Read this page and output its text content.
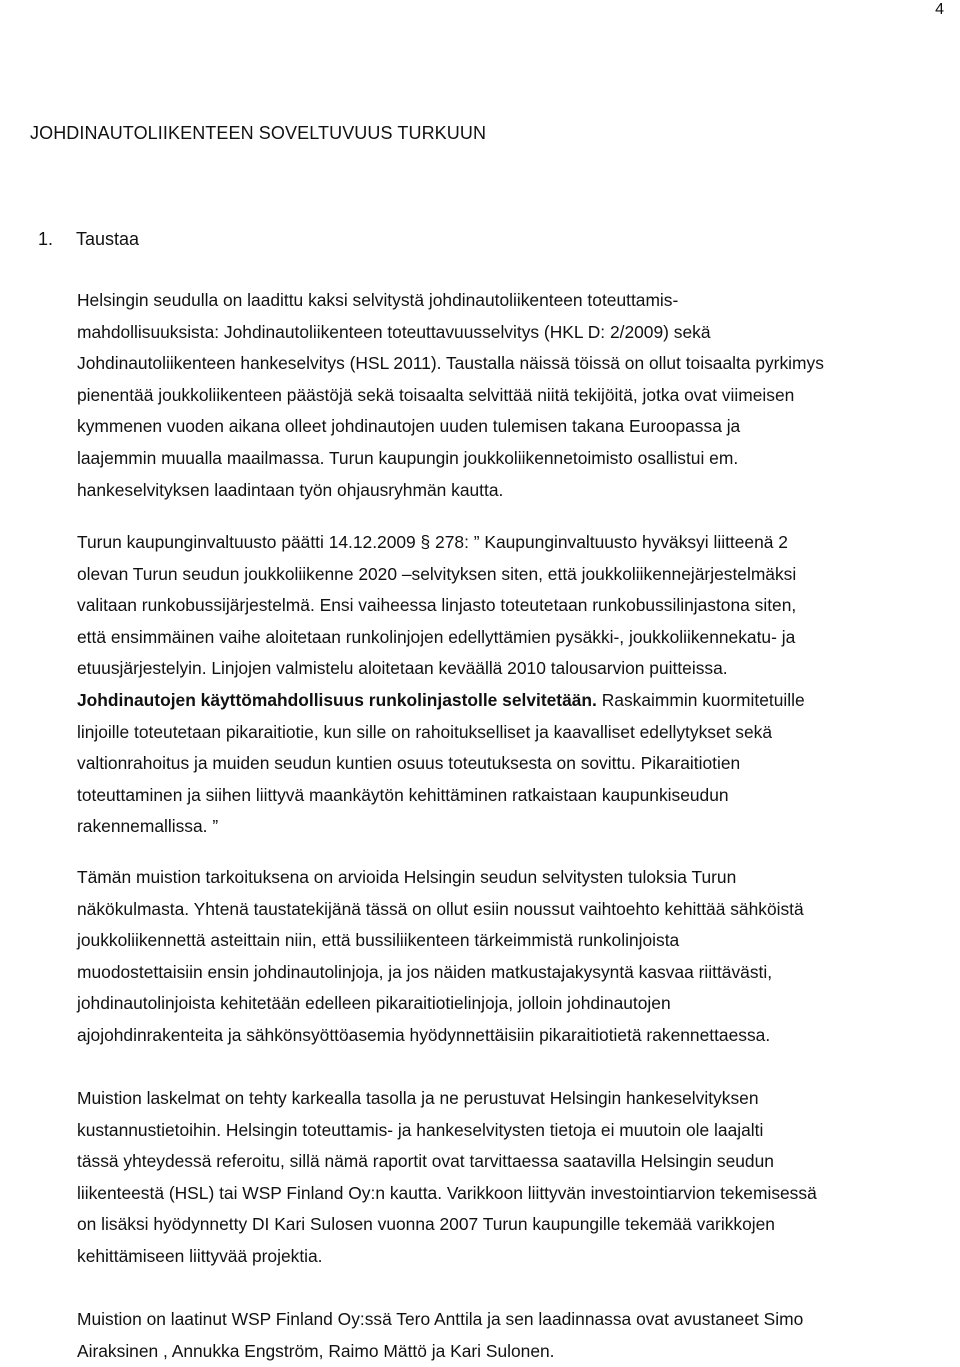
4
JOHDINAUTOLIIKENTEEN SOVELTUVUUS TURKUUN
1. Taustaa

Helsingin seudulla on laadittu kaksi selvitystä johdinautoliikenteen toteuttamis-
mahdollisuuksista: Johdinautoliikenteen toteuttavuusselvitys (HKL D: 2/2009) sekä
Johdinautoliikenteen hankeselvitys (HSL 2011). Taustalla näissä töissä on ollut toisaalta pyrkimys
pienentää joukkoliikenteen päästöjä sekä toisaalta selvittää niitä tekijöitä, jotka ovat viimeisen
kymmenen vuoden aikana olleet johdinautojen uuden tulemisen takana Euroopassa ja
laajemmin muualla maailmassa. Turun kaupungin joukkoliikennetoimisto osallistui em.
hankeselvityksen laadintaan työn ohjausryhmän kautta.

Turun kaupunginvaltuusto päätti 14.12.2009 § 278: ” Kaupunginvaltuusto hyväksyi liitteenä 2
olevan Turun seudun joukkoliikenne 2020 –selvityksen siten, että joukkoliikennejärjestelmäksi
valitaan runkobussijärjestelmä. Ensi vaiheessa linjasto toteutetaan runkobussilinjastona siten,
että ensimmäinen vaihe aloitetaan runkolinjojen edellyttämien pysäkki-, joukkoliikennekatu- ja
etuusjärjestelyin. Linjojen valmistelu aloitetaan keväällä 2010 talousarvion puitteissa.
Johdinautojen käyttömahdollisuus runkolinjastolle selvitetään. Raskaimmin kuormitetuille
linjoille toteutetaan pikaraitiotie, kun sille on rahoitukselliset ja kaavalliset edellytykset sekä
valtionrahoitus ja muiden seudun kuntien osuus toteutuksesta on sovittu. Pikaraitiotien
toteuttaminen ja siihen liittyvä maankäytön kehittäminen ratkaistaan kaupunkiseudun
rakennemallissa. ”

Tämän muistion tarkoituksena on arvioida Helsingin seudun selvitysten tuloksia Turun
näkökulmasta. Yhtenä taustatekijänä tässä on ollut esiin noussut vaihtoehto kehittää sähköistä
joukkoliikennettä asteittain niin, että bussiliikenteen tärkeimmistä runkolinjoista
muodostettaisiin ensin johdinautolinjoja, ja jos näiden matkustajakysyntä kasvaa riittävästi,
johdinautolinjoista kehitetään edelleen pikaraitiotielinjoja, jolloin johdinautojen
ajojohdinrakenteita ja sähkönsyöttöasemia hyödynnettäisiin pikaraitiotietä rakennettaessa.

Muistion laskelmat on tehty karkealla tasolla ja ne perustuvat Helsingin hankeselvityksen
kustannustietoihin. Helsingin toteuttamis- ja hankeselvitysten tietoja ei muutoin ole laajalti
tässä yhteydessä referoitu, sillä nämä raportit ovat tarvittaessa saatavilla Helsingin seudun
liikenteestä (HSL) tai WSP Finland Oy:n kautta. Varikkoon liittyvän investointiarvion tekemisessä
on lisäksi hyödynnetty DI Kari Sulosen vuonna 2007 Turun kaupungille tekemää varikkojen
kehittämiseen liittyvää projektia.

Muistion on laatinut WSP Finland Oy:ssä Tero Anttila ja sen laadinnassa ovat avustaneet Simo
Airaksinen , Annukka Engström, Raimo Mättö ja Kari Sulonen.
